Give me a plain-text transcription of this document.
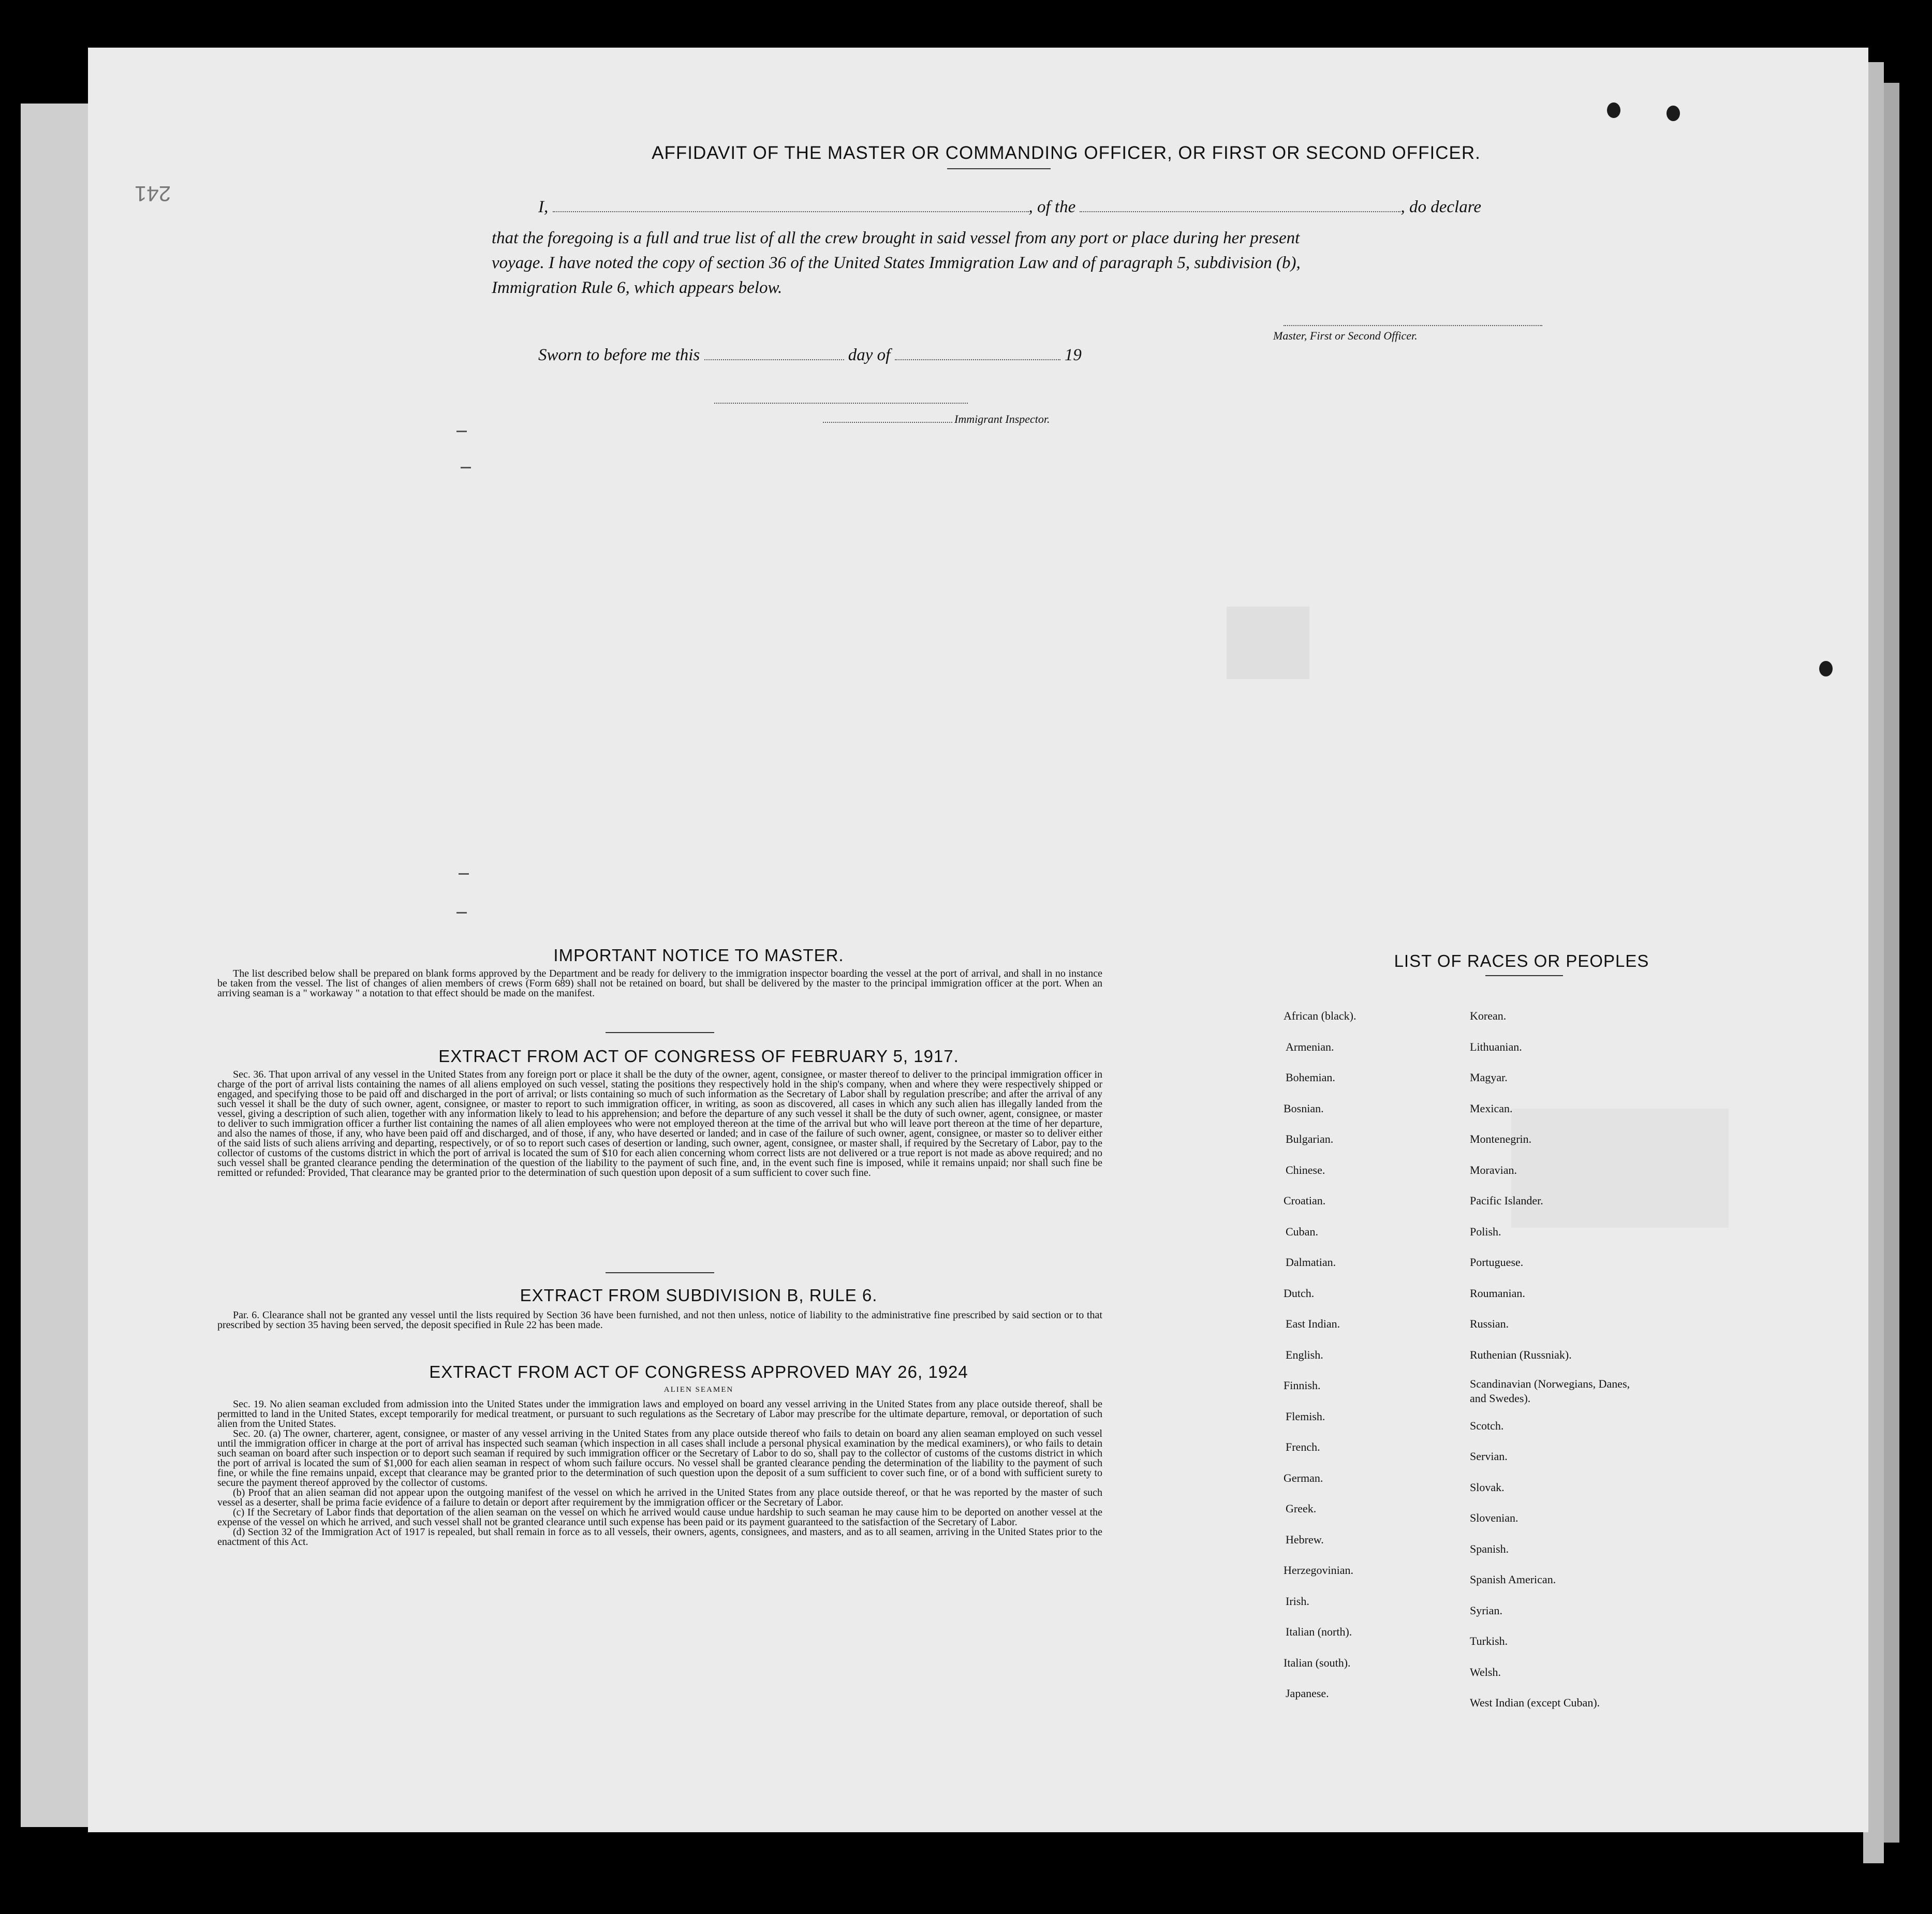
241
AFFIDAVIT OF THE MASTER OR COMMANDING OFFICER, OR FIRST OR SECOND OFFICER.
I,	, of the	, do declare
that the foregoing is a full and true list of all the crew brought in said vessel from any port or place during her present
voyage. I have noted the copy of section 36 of the United States Immigration Law and of paragraph 5, subdivision (b),
Immigration Rule 6, which appears below.
Master, First or Second Officer.
Sworn to before me this	day of	19
Immigrant Inspector.
IMPORTANT NOTICE TO MASTER.

The list described below shall be prepared on blank forms approved by the Department and be ready for delivery to the immigration inspector boarding the vessel at the port of arrival, and shall in no instance be taken from the vessel. The list of changes of alien members of crews (Form 689) shall not be retained on board, but shall be delivered by the master to the principal immigration officer at the port. When an arriving seaman is a " workaway " a notation to that effect should be made on the manifest.

EXTRACT FROM ACT OF CONGRESS OF FEBRUARY 5, 1917.

Sec. 36. That upon arrival of any vessel in the United States from any foreign port or place it shall be the duty of the owner, agent, consignee, or master thereof to deliver to the principal immigration officer in charge of the port of arrival lists containing the names of all aliens employed on such vessel, stating the positions they respectively hold in the ship's company, when and where they were respectively shipped or engaged, and specifying those to be paid off and discharged in the port of arrival; or lists containing so much of such information as the Secretary of Labor shall by regulation prescribe; and after the arrival of any such vessel it shall be the duty of such owner, agent, consignee, or master to report to such immigration officer, in writing, as soon as discovered, all cases in which any such alien has illegally landed from the vessel, giving a description of such alien, together with any information likely to lead to his apprehension; and before the departure of any such vessel it shall be the duty of such owner, agent, consignee, or master to deliver to such immigration officer a further list containing the names of all alien employees who were not employed thereon at the time of the arrival but who will leave port thereon at the time of her departure, and also the names of those, if any, who have been paid off and discharged, and of those, if any, who have deserted or landed; and in case of the failure of such owner, agent, consignee, or master so to deliver either of the said lists of such aliens arriving and departing, respectively, or of so to report such cases of desertion or landing, such owner, agent, consignee, or master shall, if required by the Secretary of Labor, pay to the collector of customs of the customs district in which the port of arrival is located the sum of $10 for each alien concerning whom correct lists are not delivered or a true report is not made as above required; and no such vessel shall be granted clearance pending the determination of the question of the liability to the payment of such fine, and, in the event such fine is imposed, while it remains unpaid; nor shall such fine be remitted or refunded: Provided, That clearance may be granted prior to the determination of such question upon deposit of a sum sufficient to cover such fine.

EXTRACT FROM SUBDIVISION B, RULE 6.

Par. 6. Clearance shall not be granted any vessel until the lists required by Section 36 have been furnished, and not then unless, notice of liability to the administrative fine prescribed by said section or to that prescribed by section 35 having been served, the deposit specified in Rule 22 has been made.

EXTRACT FROM ACT OF CONGRESS APPROVED MAY 26, 1924
ALIEN SEAMEN

Sec. 19. No alien seaman excluded from admission into the United States under the immigration laws and employed on board any vessel arriving in the United States from any place outside thereof, shall be permitted to land in the United States, except temporarily for medical treatment, or pursuant to such regulations as the Secretary of Labor may prescribe for the ultimate departure, removal, or deportation of such alien from the United States.

Sec. 20. (a) The owner, charterer, agent, consignee, or master of any vessel arriving in the United States from any place outside thereof who fails to detain on board any alien seaman employed on such vessel until the immigration officer in charge at the port of arrival has inspected such seaman (which inspection in all cases shall include a personal physical examination by the medical examiners), or who fails to detain such seaman on board after such inspection or to deport such seaman if required by such immigration officer or the Secretary of Labor to do so, shall pay to the collector of customs of the customs district in which the port of arrival is located the sum of $1,000 for each alien seaman in respect of whom such failure occurs. No vessel shall be granted clearance pending the determination of the liability to the payment of such fine, or while the fine remains unpaid, except that clearance may be granted prior to the determination of such question upon the deposit of a sum sufficient to cover such fine, or of a bond with sufficient surety to secure the payment thereof approved by the collector of customs.

(b) Proof that an alien seaman did not appear upon the outgoing manifest of the vessel on which he arrived in the United States from any place outside thereof, or that he was reported by the master of such vessel as a deserter, shall be prima facie evidence of a failure to detain or deport after requirement by the immigration officer or the Secretary of Labor.

(c) If the Secretary of Labor finds that deportation of the alien seaman on the vessel on which he arrived would cause undue hardship to such seaman he may cause him to be deported on another vessel at the expense of the vessel on which he arrived, and such vessel shall not be granted clearance until such expense has been paid or its payment guaranteed to the satisfaction of the Secretary of Labor.

(d) Section 32 of the Immigration Act of 1917 is repealed, but shall remain in force as to all vessels, their owners, agents, consignees, and masters, and as to all seamen, arriving in the United States prior to the enactment of this Act.

LIST OF RACES OR PEOPLES
African (black).
Armenian.
Bohemian.
Bosnian.
Bulgarian.
Chinese.
Croatian.
Cuban.
Dalmatian.
Dutch.
East Indian.
English.
Finnish.
Flemish.
French.
German.
Greek.
Hebrew.
Herzegovinian.
Irish.
Italian (north).
Italian (south).
Japanese.
Korean.
Lithuanian.
Magyar.
Mexican.
Montenegrin.
Moravian.
Pacific Islander.
Polish.
Portuguese.
Roumanian.
Russian.
Ruthenian (Russniak).
Scandinavian (Norwegians, Danes, and Swedes).
Scotch.
Servian.
Slovak.
Slovenian.
Spanish.
Spanish American.
Syrian.
Turkish.
Welsh.
West Indian (except Cuban).
